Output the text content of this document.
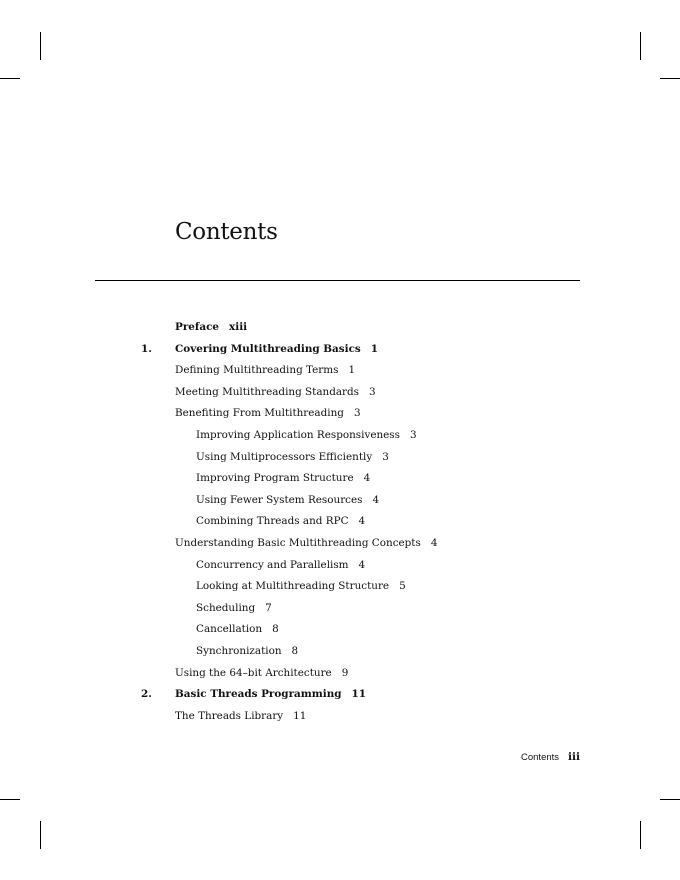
Contents
Preface xiii
1. Covering Multithreading Basics 1
Defining Multithreading Terms 1
Meeting Multithreading Standards 3
Benefiting From Multithreading 3
Improving Application Responsiveness 3
Using Multiprocessors Efficiently 3
Improving Program Structure 4
Using Fewer System Resources 4
Combining Threads and RPC 4
Understanding Basic Multithreading Concepts 4
Concurrency and Parallelism 4
Looking at Multithreading Structure 5
Scheduling 7
Cancellation 8
Synchronization 8
Using the 64–bit Architecture 9
2. Basic Threads Programming 11
The Threads Library 11
Contents iii
